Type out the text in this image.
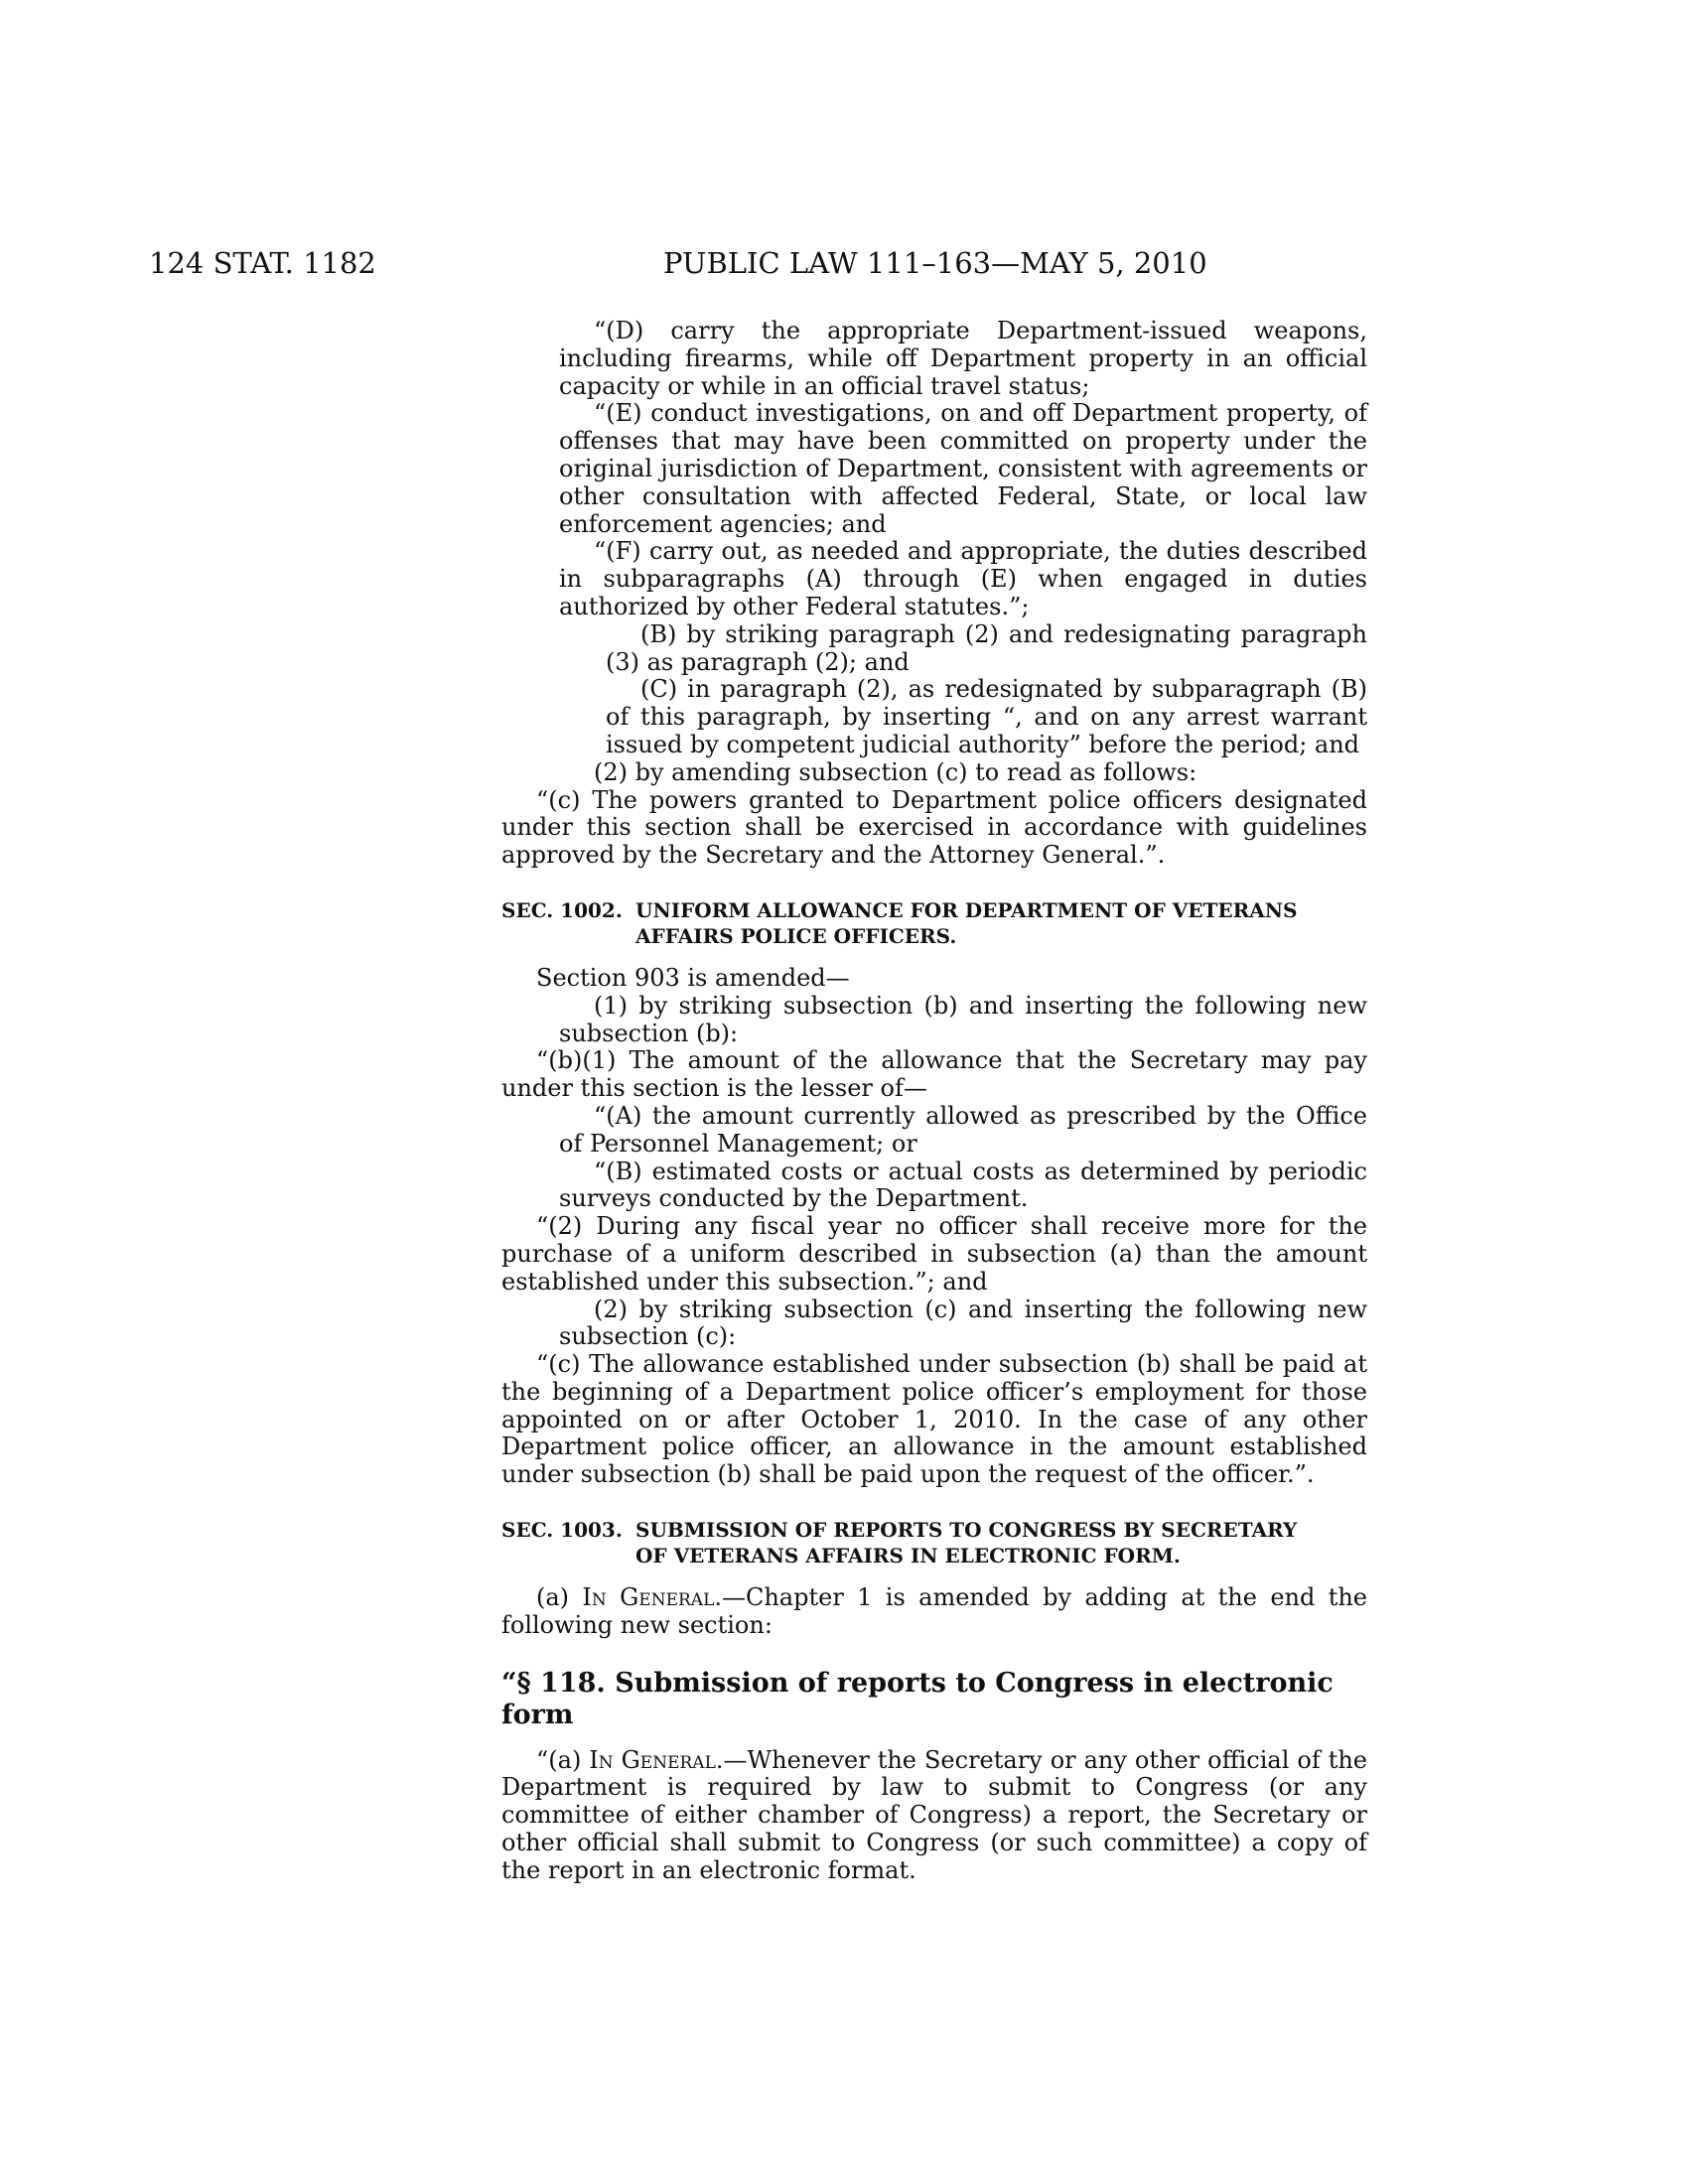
124 STAT. 1182	PUBLIC LAW 111–163—MAY 5, 2010

“(D) carry the appropriate Department-issued weapons, including firearms, while off Department property in an official capacity or while in an official travel status;

“(E) conduct investigations, on and off Department property, of offenses that may have been committed on property under the original jurisdiction of Department, consistent with agreements or other consultation with affected Federal, State, or local law enforcement agencies; and

“(F) carry out, as needed and appropriate, the duties described in subparagraphs (A) through (E) when engaged in duties authorized by other Federal statutes.”;

(B) by striking paragraph (2) and redesignating paragraph (3) as paragraph (2); and

(C) in paragraph (2), as redesignated by subparagraph (B) of this paragraph, by inserting “, and on any arrest warrant issued by competent judicial authority” before the period; and

(2) by amending subsection (c) to read as follows:

“(c) The powers granted to Department police officers designated under this section shall be exercised in accordance with guidelines approved by the Secretary and the Attorney General.”.

SEC. 1002. UNIFORM ALLOWANCE FOR DEPARTMENT OF VETERANS
AFFAIRS POLICE OFFICERS.

Section 903 is amended—

(1) by striking subsection (b) and inserting the following new subsection (b):

“(b)(1) The amount of the allowance that the Secretary may pay under this section is the lesser of—

“(A) the amount currently allowed as prescribed by the Office of Personnel Management; or

“(B) estimated costs or actual costs as determined by periodic surveys conducted by the Department.

“(2) During any fiscal year no officer shall receive more for the purchase of a uniform described in subsection (a) than the amount established under this subsection.”; and

(2) by striking subsection (c) and inserting the following new subsection (c):

“(c) The allowance established under subsection (b) shall be paid at the beginning of a Department police officer’s employment for those appointed on or after October 1, 2010. In the case of any other Department police officer, an allowance in the amount established under subsection (b) shall be paid upon the request of the officer.”.

SEC. 1003. SUBMISSION OF REPORTS TO CONGRESS BY SECRETARY
OF VETERANS AFFAIRS IN ELECTRONIC FORM.

(a) In General.—Chapter 1 is amended by adding at the end the following new section:

“§ 118. Submission of reports to Congress in electronic form

“(a) In General.—Whenever the Secretary or any other official of the Department is required by law to submit to Congress (or any committee of either chamber of Congress) a report, the Secretary or other official shall submit to Congress (or such committee) a copy of the report in an electronic format.
